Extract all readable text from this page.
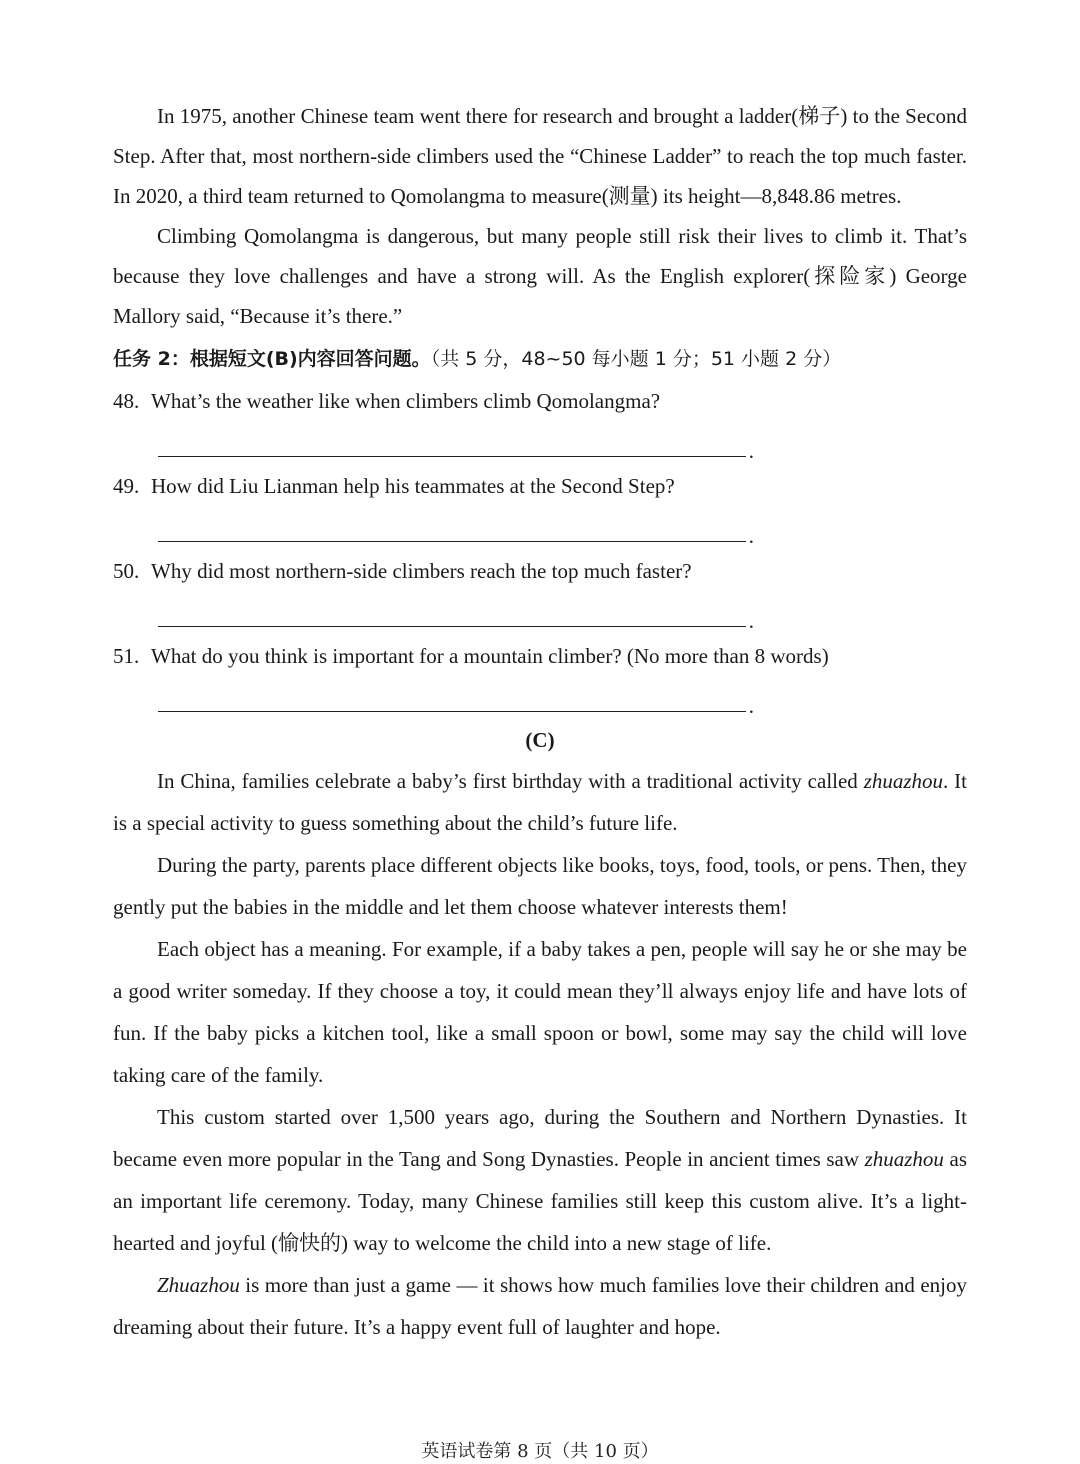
In 1975, another Chinese team went there for research and brought a ladder(梯子) to the Second Step. After that, most northern-side climbers used the “Chinese Ladder” to reach the top much faster. In 2020, a third team returned to Qomolangma to measure(测量) its height—8,848.86 metres.

Climbing Qomolangma is dangerous, but many people still risk their lives to climb it. That’s because they love challenges and have a strong will. As the English explorer(探险家) George Mallory said, “Because it’s there.”

任务 2：根据短文(B)内容回答问题。（共 5 分，48~50 每小题 1 分；51 小题 2 分）

48. What’s the weather like when climbers climb Qomolangma?

.

49. How did Liu Lianman help his teammates at the Second Step?

.

50. Why did most northern-side climbers reach the top much faster?

.

51. What do you think is important for a mountain climber? (No more than 8 words)

.
(C)

In China, families celebrate a baby’s first birthday with a traditional activity called zhuazhou. It is a special activity to guess something about the child’s future life.

During the party, parents place different objects like books, toys, food, tools, or pens. Then, they gently put the babies in the middle and let them choose whatever interests them!

Each object has a meaning. For example, if a baby takes a pen, people will say he or she may be a good writer someday. If they choose a toy, it could mean they’ll always enjoy life and have lots of fun. If the baby picks a kitchen tool, like a small spoon or bowl, some may say the child will love taking care of the family.

This custom started over 1,500 years ago, during the Southern and Northern Dynasties. It became even more popular in the Tang and Song Dynasties. People in ancient times saw zhuazhou as an important life ceremony. Today, many Chinese families still keep this custom alive. It’s a light-hearted and joyful (愉快的) way to welcome the child into a new stage of life.

Zhuazhou is more than just a game — it shows how much families love their children and enjoy dreaming about their future. It’s a happy event full of laughter and hope.

英语试卷第 8 页（共 10 页）
